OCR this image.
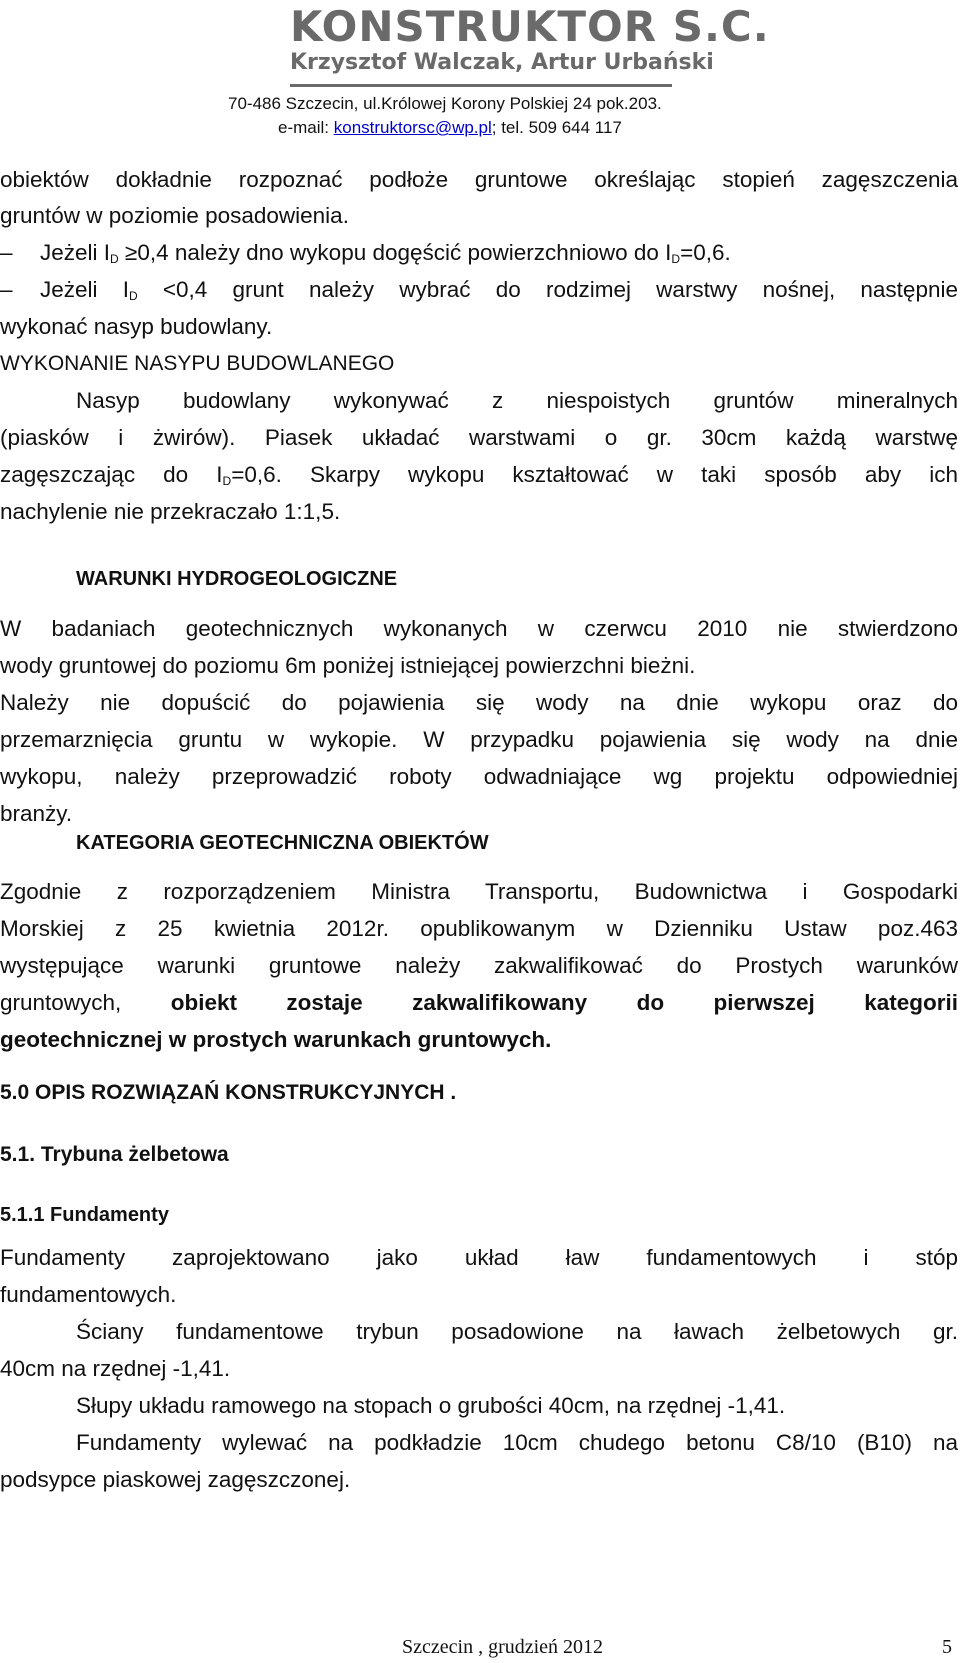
KONSTRUKTOR S.C.
Krzysztof Walczak, Artur Urbański
70-486 Szczecin, ul.Królowej Korony Polskiej 24 pok.203.
e-mail: konstruktorsc@wp.pl; tel. 509 644 117
obiektów dokładnie rozpoznać podłoże gruntowe określając stopień zagęszczenia
gruntów w poziomie posadowienia.
– Jeżeli $I_D \ge 0,4$ należy dno wykopu dogęścić powierzchniowo do $I_D=0,6$.
– Jeżeli $I_D <0,4$ grunt należy wybrać do rodzimej warstwy nośnej, następnie
wykonać nasyp budowlany.
WYKONANIE NASYPU BUDOWLANEGO
Nasyp budowlany wykonywać z niespoistych gruntów mineralnych
(piasków i żwirów). Piasek układać warstwami o gr. 30cm każdą warstwę
zagęszczając do $I_D=0,6$. Skarpy wykopu kształtować w taki sposób aby ich
nachylenie nie przekraczało 1:1,5.
WARUNKI HYDROGEOLOGICZNE
W badaniach geotechnicznych wykonanych w czerwcu 2010 nie stwierdzono
wody gruntowej do poziomu 6m poniżej istniejącej powierzchni bieżni.
Należy nie dopuścić do pojawienia się wody na dnie wykopu oraz do
przemarznięcia gruntu w wykopie. W przypadku pojawienia się wody na dnie
wykopu, należy przeprowadzić roboty odwadniające wg projektu odpowiedniej
branży.
KATEGORIA GEOTECHNICZNA OBIEKTÓW
Zgodnie z rozporządzeniem Ministra Transportu, Budownictwa i Gospodarki
Morskiej z 25 kwietnia 2012r. opublikowanym w Dzienniku Ustaw poz.463
występujące warunki gruntowe należy zakwalifikować do Prostych warunków
gruntowych, obiekt zostaje zakwalifikowany do pierwszej kategorii
geotechnicznej w prostych warunkach gruntowych.
5.0 OPIS ROZWIĄZAŃ KONSTRUKCYJNYCH .
5.1. Trybuna żelbetowa
5.1.1 Fundamenty
Fundamenty zaprojektowano jako układ ław fundamentowych i stóp
fundamentowych.
Ściany fundamentowe trybun posadowione na ławach żelbetowych gr.
40cm na rzędnej -1,41.
Słupy układu ramowego na stopach o grubości 40cm, na rzędnej -1,41.
Fundamenty wylewać na podkładzie 10cm chudego betonu C8/10 (B10) na
podsypce piaskowej zagęszczonej.
Szczecin , grudzień 2012	5
